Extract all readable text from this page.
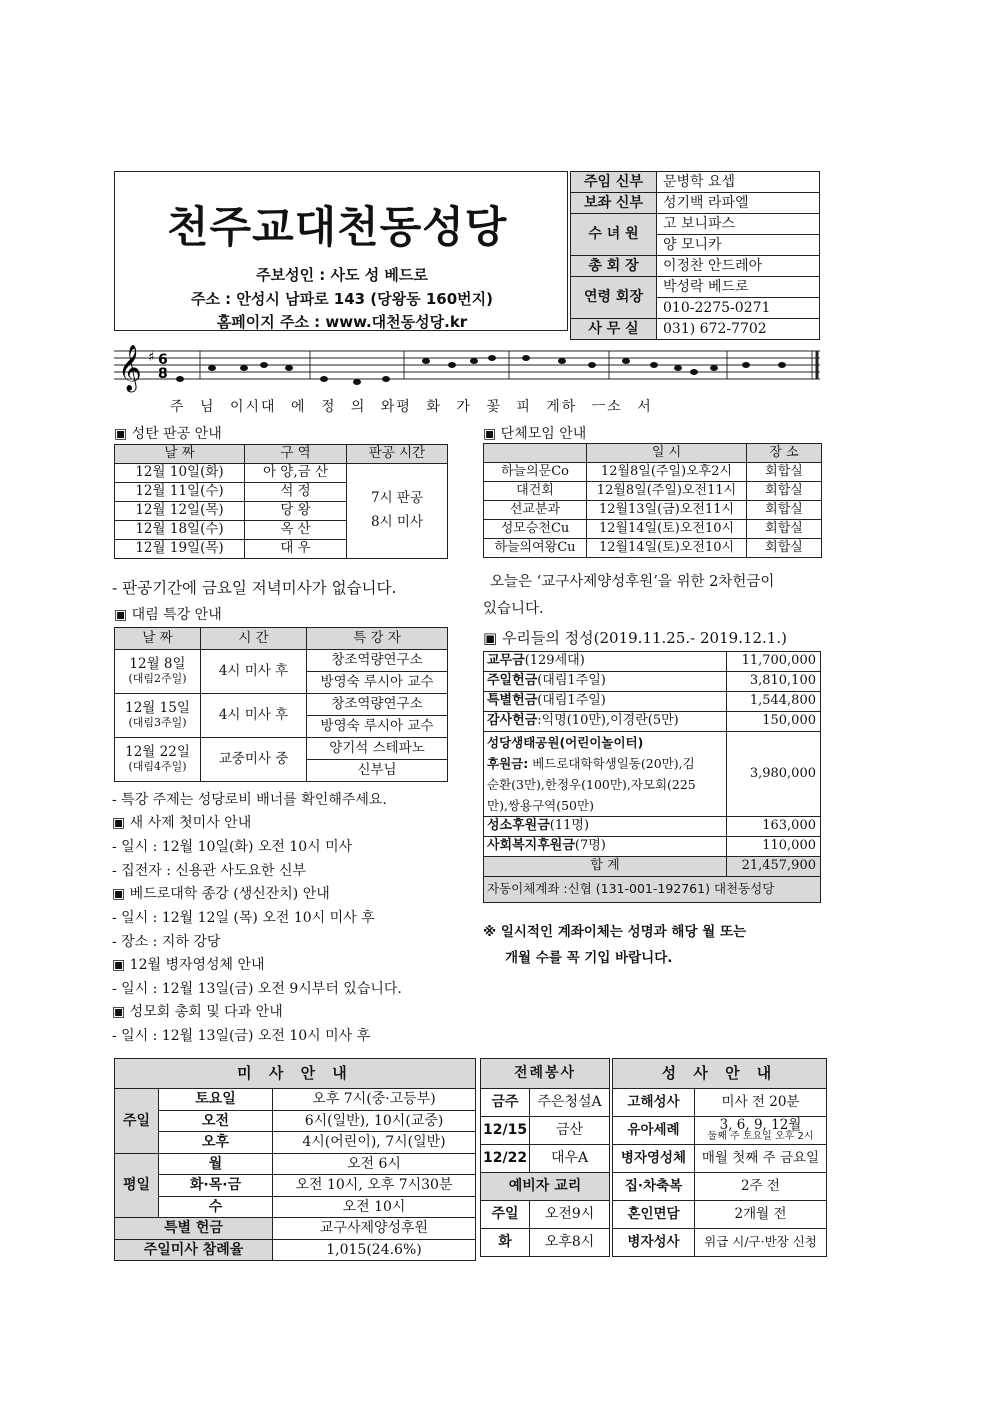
천주교대천동성당
주보성인 : 사도 성 베드로
주소 : 안성시 남파로 143 (당왕동 160번지)
홈페이지 주소 : www.대천동성당.kr
주임 신부	문병학 요셉
보좌 신부	성기백 라파엘
수 녀 원	고 보니파스
	양 모니카
총 회 장	이정찬 안드레아
연령 회장	박성락 베드로
	010-2275-0271
사 무 실	031) 672-7702
𝄞 ♯ 6
8
주 님 이시대 에 정 의 와평 화 가 꽃 피 게하 ㅡ소 서
▣ 성탄 판공 안내
날 짜	구 역	판공 시간
12월 10일(화)	아 양,금 산	7시 판공
8시 미사

12월 11일(수)	석 정	
12월 12일(목)	당 왕	
12월 18일(수)	옥 산	
12월 19일(목)	대 우	
- 판공기간에 금요일 저녁미사가 없습니다.
▣ 대림 특강 안내
날 짜	시 간	특 강 자

12월 8일
(대림2주일)	4시 미사 후	창조역량연구소
		방영숙 루시아 교수

12월 15일
(대림3주일)	4시 미사 후	창조역량연구소
		방영숙 루시아 교수

12월 22일
(대림4주일)	교중미사 중	양기석 스테파노
		신부님
- 특강 주제는 성당로비 배너를 확인해주세요.
▣ 새 사제 첫미사 안내
- 일시 : 12월 10일(화) 오전 10시 미사
- 집전자 : 신용관 사도요한 신부
▣ 베드로대학 종강 (생신잔치) 안내
- 일시 : 12월 12일 (목) 오전 10시 미사 후
- 장소 : 지하 강당
▣ 12월 병자영성체 안내
- 일시 : 12월 13일(금) 오전 9시부터 있습니다.
▣ 성모회 총회 및 다과 안내
- 일시 : 12월 13일(금) 오전 10시 미사 후
▣ 단체모임 안내
	일 시	장 소
하늘의문Co	12월8일(주일)오후2시	회합실
대건회	12월8일(주일)오전11시	회합실
선교분과	12월13일(금)오전11시	회합실
성모승천Cu	12월14일(토)오전10시	회합실
하늘의여왕Cu	12월14일(토)오전10시	회합실
오늘은 ‘교구사제양성후원’을 위한 2차헌금이
있습니다.
▣ 우리들의 정성(2019.11.25.- 2019.12.1.)
교무금(129세대)	11,700,000
주일헌금(대림1주일)	3,810,100
특별헌금(대림1주일)	1,544,800
감사헌금:익명(10만),이경란(5만)	150,000

성당생태공원(어린이놀이터)
후원금: 베드로대학학생일동(20만),김
순환(3만),한정우(100만),자모회(225
만),쌍용구역(50만)	3,980,000
성소후원금(11명)	163,000
사회복지후원금(7명)	110,000
합 계	21,457,900
자동이체계좌 :신협 (131-001-192761) 대천동성당	
※ 일시적인 계좌이체는 성명과 해당 월 또는
개월 수를 꼭 기입 바랍니다.
미 사 안 내		
주일	토요일	오후 7시(중·고등부)
	오전	6시(일반), 10시(교중)
	오후	4시(어린이), 7시(일반)
평일	월	오전 6시
	화·목·금	오전 10시, 오후 7시30분
	수	오전 10시
특별 헌금		교구사제양성후원
주일미사 참례율		1,015(24.6%)
전례봉사	
금주	주은청설A
12/15	금산
12/22	대우A
예비자 교리	
주일	오전9시
화	오후8시
성 사 안 내	
고해성사	미사 전 20분
유아세례	3, 6, 9, 12월
둘째 주 토요일 오후 2시

병자영성체	매월 첫째 주 금요일
집·차축복	2주 전
혼인면담	2개월 전
병자성사	위급 시/구·반장 신청
